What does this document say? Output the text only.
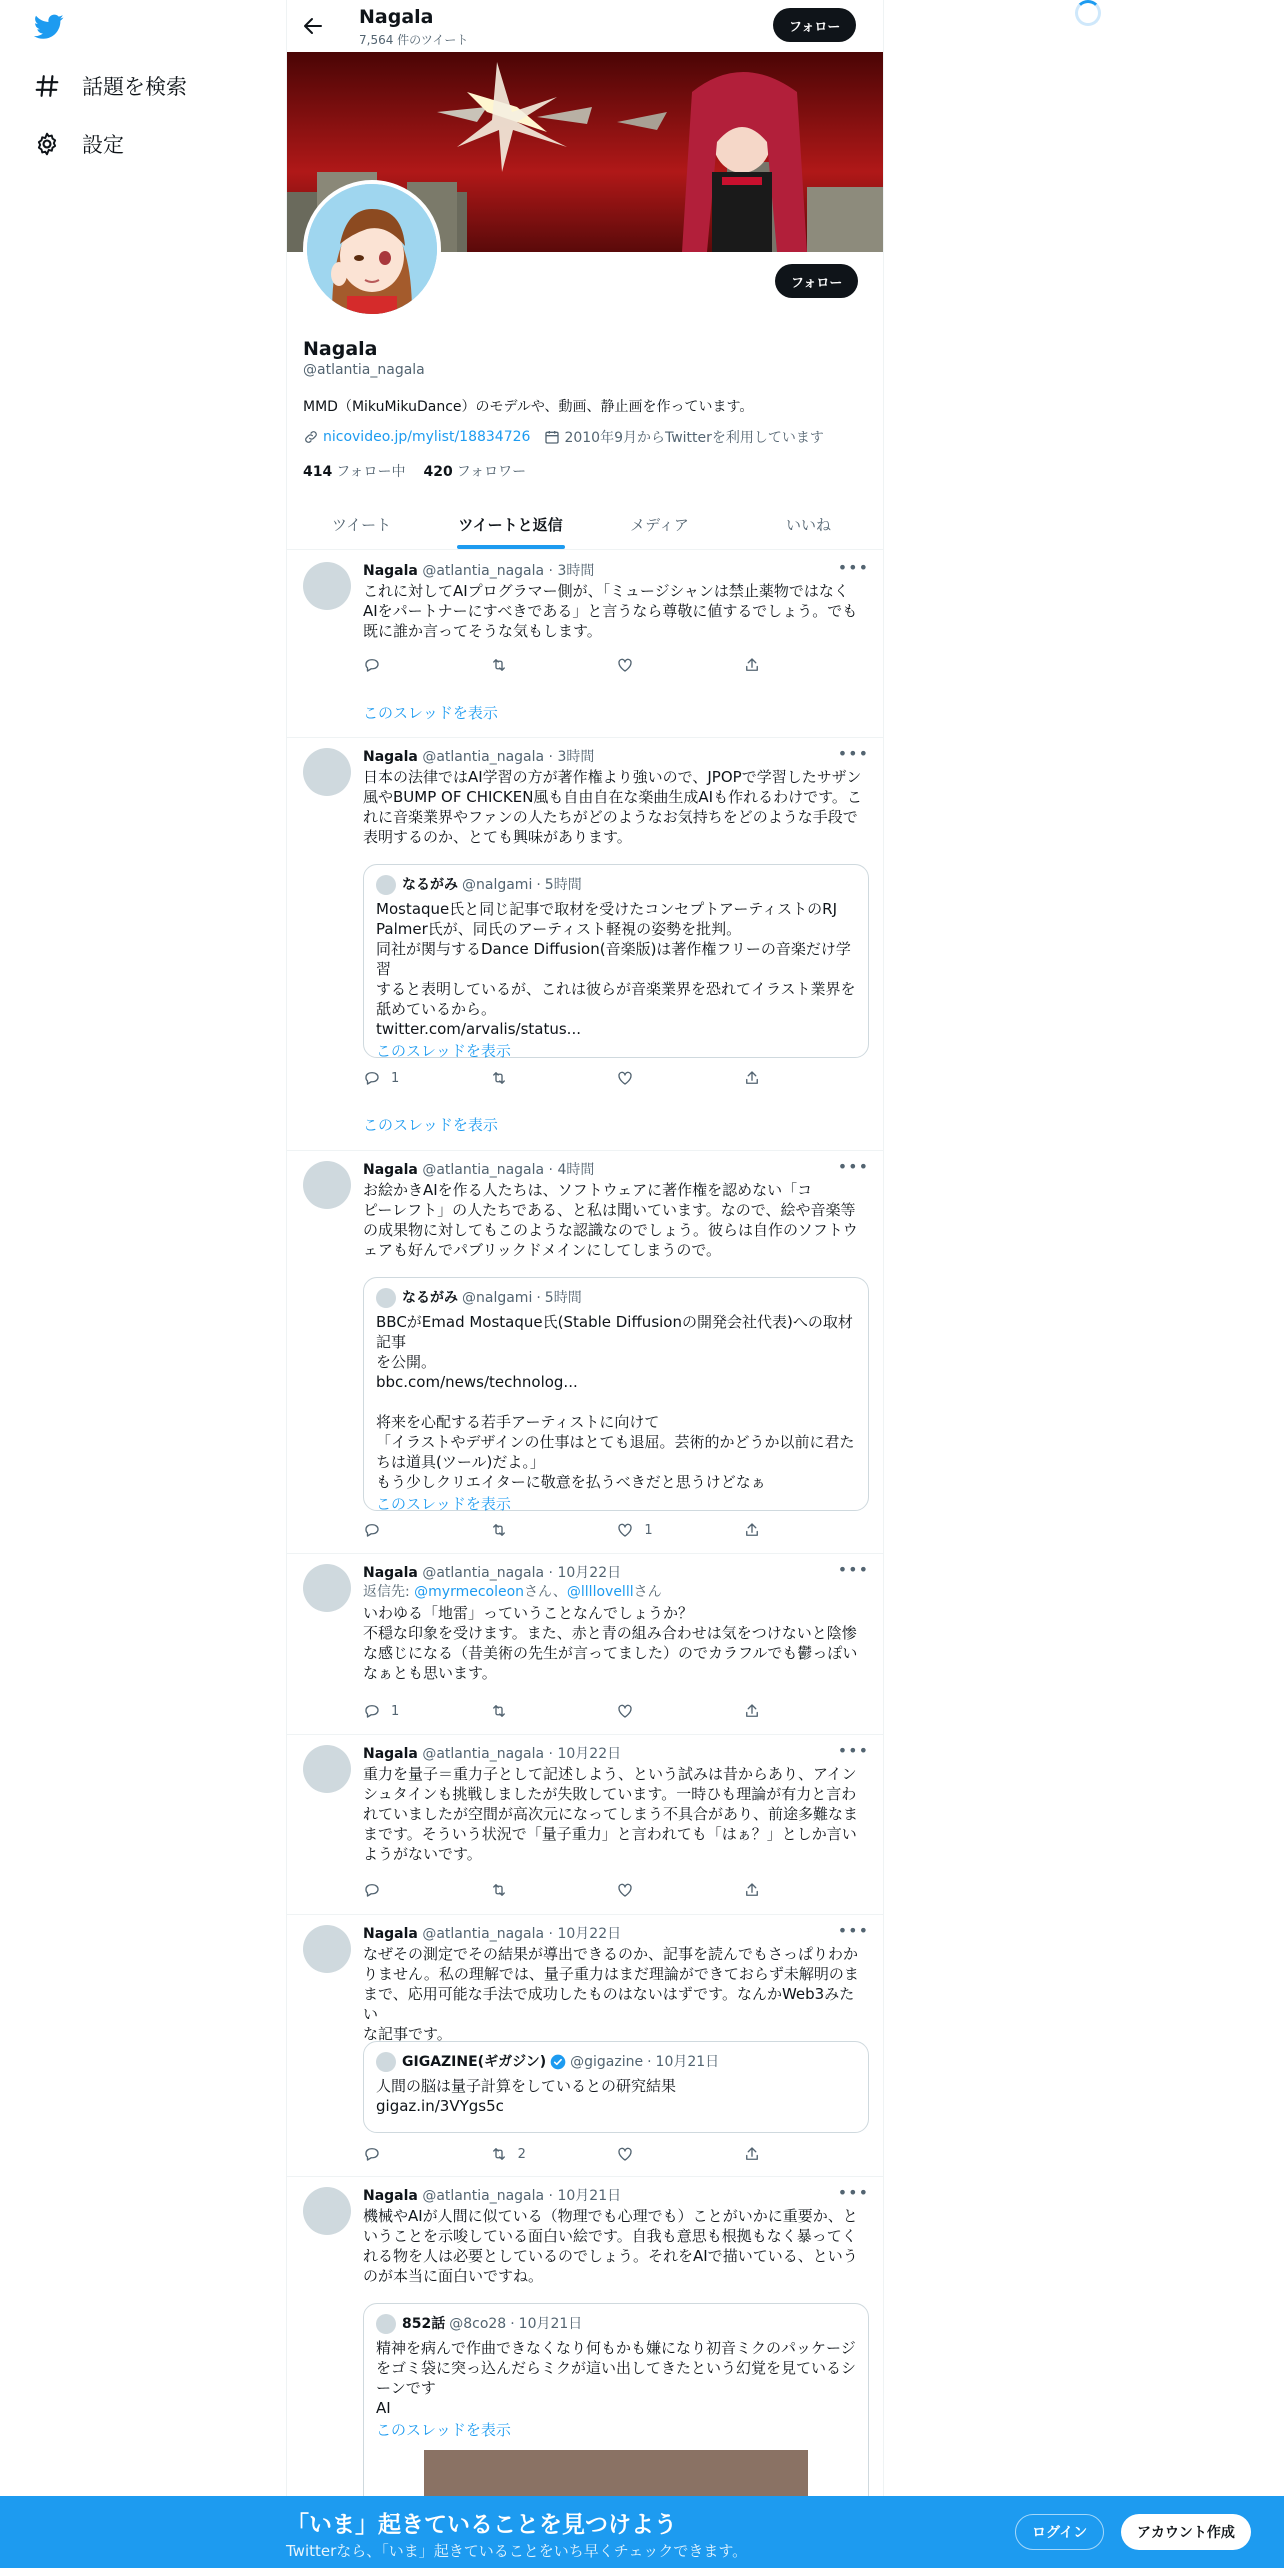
話題を検索
設定
Nagala
7,564 件のツイート
フォロー
フォロー
Nagala
@atlantia_nagala
MMD（MikuMikuDance）のモデルや、動画、静止画を作っています。
nicovideo.jp/mylist/18834726 2010年9月からTwitterを利用しています
414 フォロー中 420 フォロワー
ツイート	ツイートと返信	メディア	いいね
Nagala @atlantia_nagala · 3時間	•••
これに対してAIプログラマー側が、「ミュージシャンは禁止薬物ではなく
AIをパートナーにすべきである」と言うなら尊敬に値するでしょう。でも
既に誰か言ってそうな気もします。
このスレッドを表示
Nagala @atlantia_nagala · 3時間	•••
日本の法律ではAI学習の方が著作権より強いので、JPOPで学習したサザン
風やBUMP OF CHICKEN風も自由自在な楽曲生成AIも作れるわけです。こ
れに音楽業界やファンの人たちがどのようなお気持ちをどのような手段で
表明するのか、とても興味があります。
なるがみ @nalgami · 5時間
Mostaque氏と同じ記事で取材を受けたコンセプトアーティストのRJ
Palmer氏が、同氏のアーティスト軽視の姿勢を批判。
同社が関与するDance Diffusion(音楽版)は著作権フリーの音楽だけ学習
すると表明しているが、これは彼らが音楽業界を恐れてイラスト業界を
舐めているから。
twitter.com/arvalis/status...
このスレッドを表示
1
このスレッドを表示
Nagala @atlantia_nagala · 4時間	•••
お絵かきAIを作る人たちは、ソフトウェアに著作権を認めない「コ
ピーレフト」の人たちである、と私は聞いています。なので、絵や音楽等
の成果物に対してもこのような認識なのでしょう。彼らは自作のソフトウ
ェアも好んでパブリックドメインにしてしまうので。
なるがみ @nalgami · 5時間
BBCがEmad Mostaque氏(Stable Diffusionの開発会社代表)への取材記事
を公開。
bbc.com/news/technolog...

将来を心配する若手アーティストに向けて
「イラストやデザインの仕事はとても退屈。芸術的かどうか以前に君た
ちは道具(ツール)だよ。」
もう少しクリエイターに敬意を払うべきだと思うけどなぁ
このスレッドを表示
1
Nagala @atlantia_nagala · 10月22日	•••
返信先: @myrmecoleonさん、@llllovelllさん
いわゆる「地雷」っていうことなんでしょうか？
不穏な印象を受けます。また、赤と青の組み合わせは気をつけないと陰惨
な感じになる（昔美術の先生が言ってました）のでカラフルでも鬱っぽい
なぁとも思います。
1
Nagala @atlantia_nagala · 10月22日	•••
重力を量子＝重力子として記述しよう、という試みは昔からあり、アイン
シュタインも挑戦しましたが失敗しています。一時ひも理論が有力と言わ
れていましたが空間が高次元になってしまう不具合があり、前途多難なま
まです。そういう状況で「量子重力」と言われても「はぁ？」としか言い
ようがないです。
Nagala @atlantia_nagala · 10月22日	•••
なぜその測定でその結果が導出できるのか、記事を読んでもさっぱりわか
りません。私の理解では、量子重力はまだ理論ができておらず未解明のま
まで、応用可能な手法で成功したものはないはずです。なんかWeb3みたい
な記事です。
GIGAZINE(ギガジン) @gigazine · 10月21日
人間の脳は量子計算をしているとの研究結果
gigaz.in/3VYgs5c
2
Nagala @atlantia_nagala · 10月21日	•••
機械やAIが人間に似ている（物理でも心理でも）ことがいかに重要か、と
いうことを示唆している面白い絵です。自我も意思も根拠もなく暴ってく
れる物を人は必要としているのでしょう。それをAIで描いている、という
のが本当に面白いですね。
852話 @8co28 · 10月21日
精神を病んで作曲できなくなり何もかも嫌になり初音ミクのパッケージ
をゴミ袋に突っ込んだらミクが這い出してきたという幻覚を見ているシ
ーンです
AI
このスレッドを表示
「いま」起きていることを見つけよう
Twitterなら、「いま」起きていることをいち早くチェックできます。
ログイン	アカウント作成
